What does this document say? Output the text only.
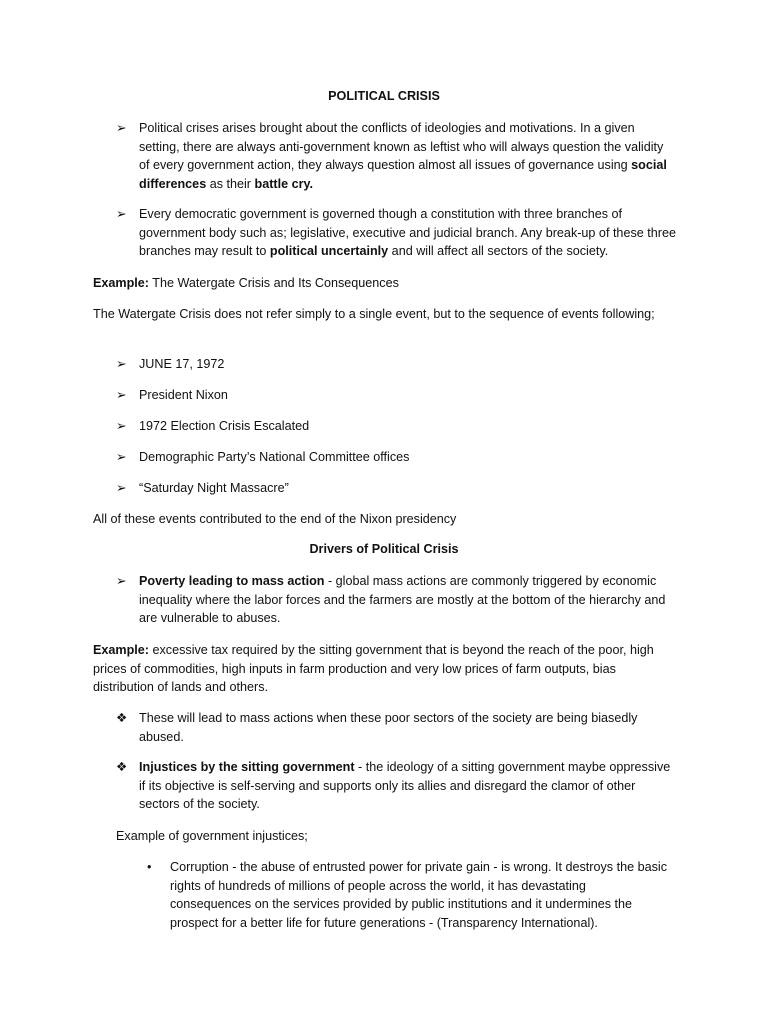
POLITICAL CRISIS
➢ Political crises arises brought about the conflicts of ideologies and motivations. In a given setting, there are always anti-government known as leftist who will always question the validity of every government action, they always question almost all issues of governance using social differences as their battle cry.
➢ Every democratic government is governed though a constitution with three branches of government body such as; legislative, executive and judicial branch. Any break-up of these three branches may result to political uncertainly and will affect all sectors of the society.
Example: The Watergate Crisis and Its Consequences
The Watergate Crisis does not refer simply to a single event, but to the sequence of events following;
➢ JUNE 17, 1972
➢ President Nixon
➢ 1972 Election Crisis Escalated
➢ Demographic Party’s National Committee offices
➢ “Saturday Night Massacre”
All of these events contributed to the end of the Nixon presidency
Drivers of Political Crisis
➢ Poverty leading to mass action - global mass actions are commonly triggered by economic inequality where the labor forces and the farmers are mostly at the bottom of the hierarchy and are vulnerable to abuses.
Example: excessive tax required by the sitting government that is beyond the reach of the poor, high prices of commodities, high inputs in farm production and very low prices of farm outputs, bias distribution of lands and others.
❖ These will lead to mass actions when these poor sectors of the society are being biasedly abused.
❖ Injustices by the sitting government - the ideology of a sitting government maybe oppressive if its objective is self-serving and supports only its allies and disregard the clamor of other sectors of the society.
Example of government injustices;
• Corruption - the abuse of entrusted power for private gain - is wrong. It destroys the basic rights of hundreds of millions of people across the world, it has devastating consequences on the services provided by public institutions and it undermines the prospect for a better life for future generations - (Transparency International).
